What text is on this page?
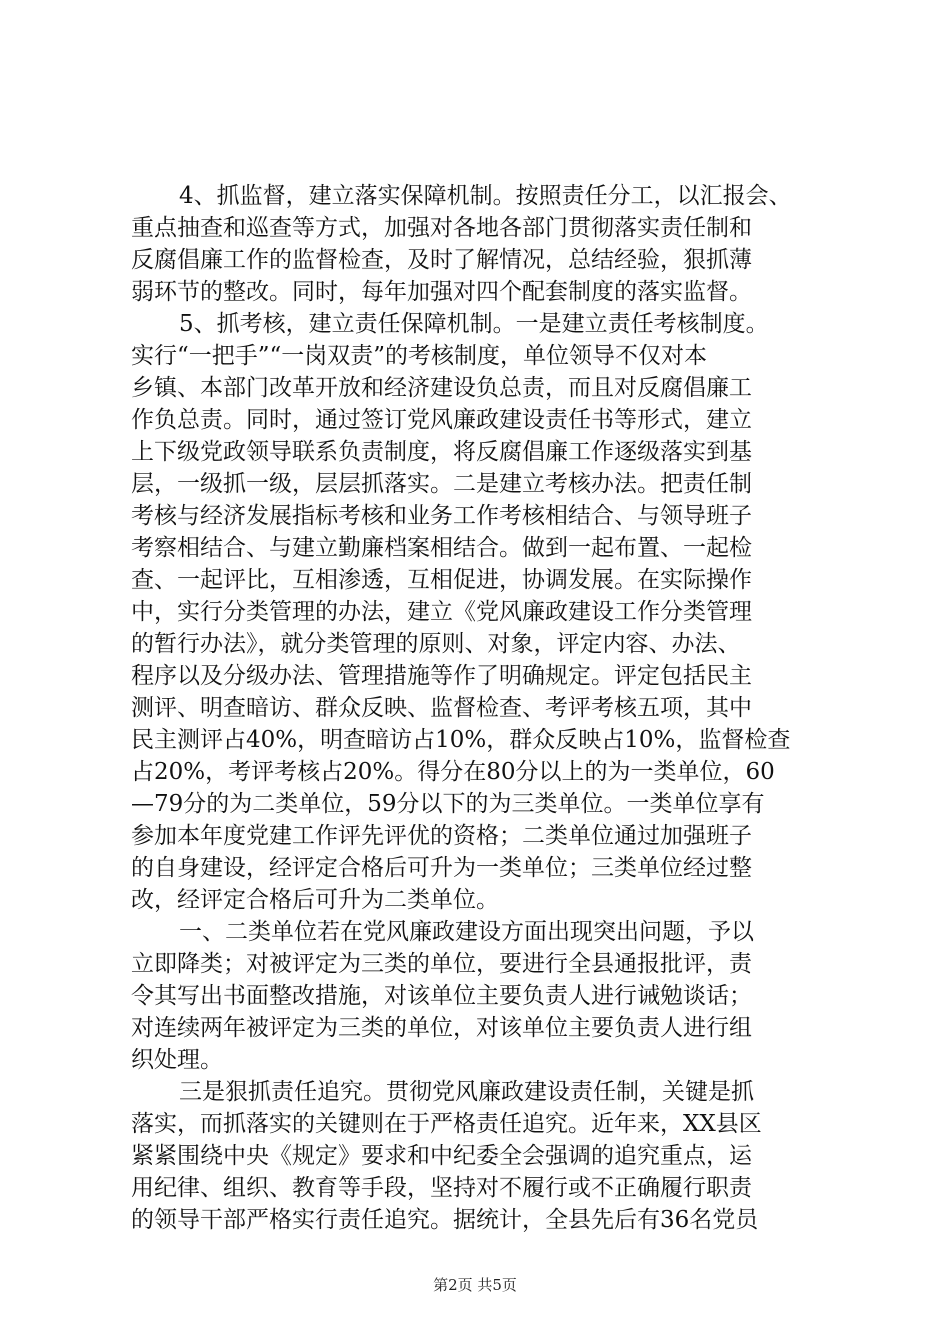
4、抓监督，建立落实保障机制。按照责任分工，以汇报会、
重点抽查和巡查等方式，加强对各地各部门贯彻落实责任制和
反腐倡廉工作的监督检查，及时了解情况，总结经验，狠抓薄
弱环节的整改。同时，每年加强对四个配套制度的落实监督。
5、抓考核，建立责任保障机制。一是建立责任考核制度。
实行“一把手”“一岗双责”的考核制度，单位领导不仅对本
乡镇、本部门改革开放和经济建设负总责，而且对反腐倡廉工
作负总责。同时，通过签订党风廉政建设责任书等形式，建立
上下级党政领导联系负责制度，将反腐倡廉工作逐级落实到基
层，一级抓一级，层层抓落实。二是建立考核办法。把责任制
考核与经济发展指标考核和业务工作考核相结合、与领导班子
考察相结合、与建立勤廉档案相结合。做到一起布置、一起检
查、一起评比，互相渗透，互相促进，协调发展。在实际操作
中，实行分类管理的办法，建立《党风廉政建设工作分类管理
的暂行办法》，就分类管理的原则、对象，评定内容、办法、
程序以及分级办法、管理措施等作了明确规定。评定包括民主
测评、明查暗访、群众反映、监督检查、考评考核五项，其中
民主测评占40%，明查暗访占10%，群众反映占10%，监督检查
占20%，考评考核占20%。得分在80分以上的为一类单位，60
—79分的为二类单位，59分以下的为三类单位。一类单位享有
参加本年度党建工作评先评优的资格；二类单位通过加强班子
的自身建设，经评定合格后可升为一类单位；三类单位经过整
改，经评定合格后可升为二类单位。
一、二类单位若在党风廉政建设方面出现突出问题，予以
立即降类；对被评定为三类的单位，要进行全县通报批评，责
令其写出书面整改措施，对该单位主要负责人进行诫勉谈话；
对连续两年被评定为三类的单位，对该单位主要负责人进行组
织处理。
三是狠抓责任追究。贯彻党风廉政建设责任制，关键是抓
落实，而抓落实的关键则在于严格责任追究。近年来，XX县区
紧紧围绕中央《规定》要求和中纪委全会强调的追究重点，运
用纪律、组织、教育等手段，坚持对不履行或不正确履行职责
的领导干部严格实行责任追究。据统计，全县先后有36名党员
第2页 共5页
